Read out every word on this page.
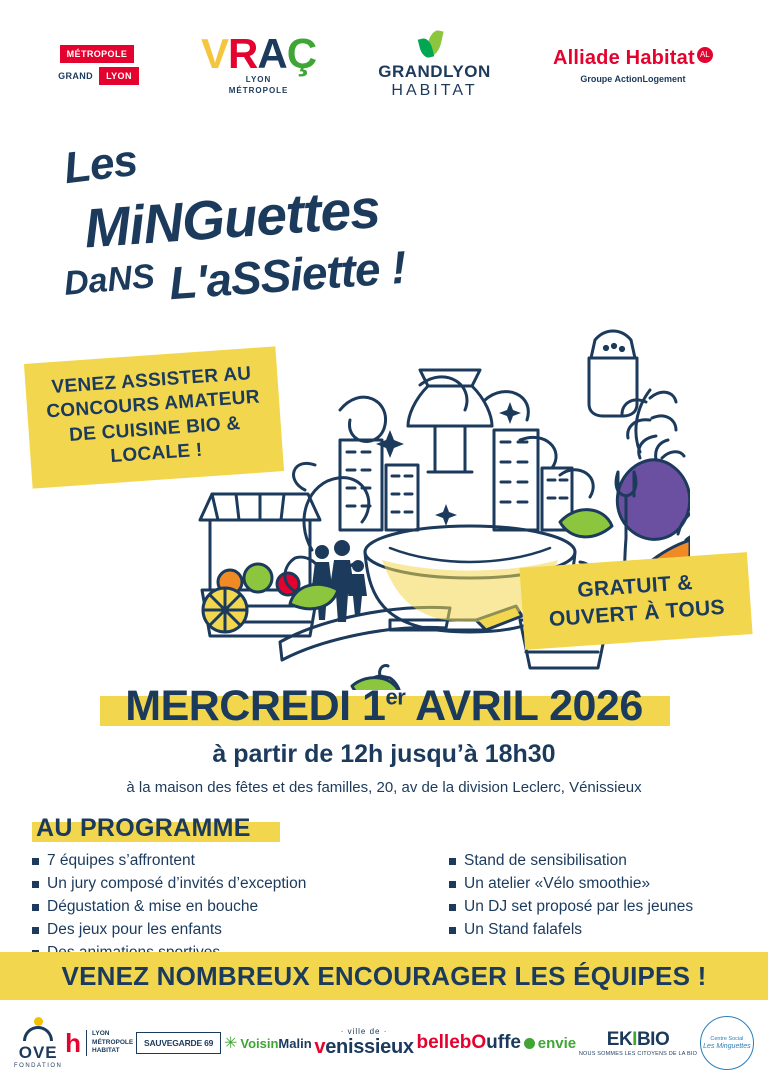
MÉTROPOLE
GRAND	LYON VRAÇ
LYON
MÉTROPOLE
GRANDLYON
HABITAT
Alliade Habitat AL
Groupe ActionLogement
Les
MiNGuettes
DaNS L'aSSiette !
VENEZ ASSISTER AU CONCOURS AMATEUR DE CUISINE BIO & LOCALE !
GRATUIT & OUVERT À TOUS
MERCREDI 1er AVRIL 2026
à partir de 12h jusqu’à 18h30
à la maison des fêtes et des familles, 20, av de la division Leclerc, Vénissieux
AU PROGRAMME
7 équipes s’affrontent
Un jury composé d’invités d’exception
Dégustation & mise en bouche
Des jeux pour les enfants
Stand de sensibilisation
Un atelier «Vélo smoothie»
Un DJ set proposé par les jeunes
Un Stand falafels
VENEZ NOMBREUX ENCOURAGER LES ÉQUIPES !
OVE
FONDATION
h LYON
MÉTROPOLE
HABITAT
SAUVEGARDE 69 ✳ VoisinMalin
· ville de ·
venissieux bellebOuffe envie EKIBIO
NOUS SOMMES LES CITOYENS DE LA BIO
Centre Social
Les Minguettes
